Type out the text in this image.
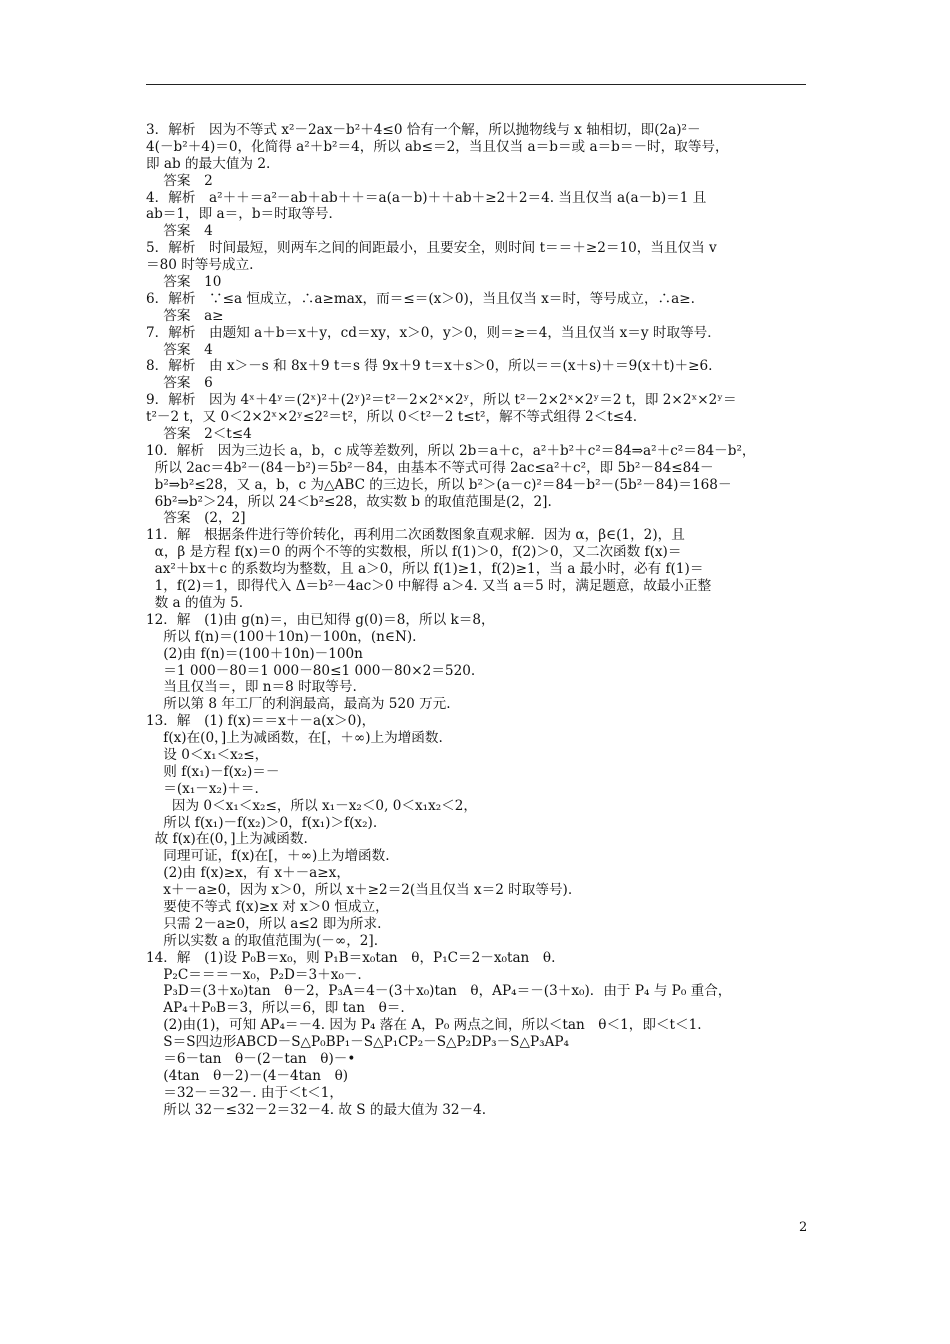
3．解析　因为不等式 x²－2ax－b²＋4≤0 恰有一个解，所以抛物线与 x 轴相切，即(2a)²－
4(－b²＋4)＝0，化简得 a²＋b²＝4，所以 ab≤＝2，当且仅当 a＝b＝或 a＝b＝－时，取等号，
即 ab 的最大值为 2.
答案　2
4．解析　a²＋＋＝a²－ab＋ab＋＋＝a(a－b)＋＋ab＋≥2＋2＝4. 当且仅当 a(a－b)＝1 且
ab＝1，即 a＝，b＝时取等号．
答案　4
5．解析　时间最短，则两车之间的间距最小，且要安全，则时间 t＝＝＋≥2＝10，当且仅当 v
＝80 时等号成立.
答案　10
6．解析　∵≤a 恒成立，∴a≥max，而＝≤＝(x＞0)，当且仅当 x＝时，等号成立，∴a≥.
答案　a≥
7．解析　由题知 a＋b＝x＋y，cd＝xy，x＞0，y＞0，则＝≥＝4，当且仅当 x＝y 时取等号．
答案　4
8．解析　由 x＞－s 和 8x＋9 t＝s 得 9x＋9 t＝x＋s＞0，所以＝＝(x＋s)＋＝9(x＋t)＋≥6.
答案　6
9．解析　因为 4ˣ＋4ʸ＝(2ˣ)²＋(2ʸ)²＝t²－2×2ˣ×2ʸ，所以 t²－2×2ˣ×2ʸ＝2 t，即 2×2ˣ×2ʸ＝
t²－2 t，又 0＜2×2ˣ×2ʸ≤2²＝t²，所以 0＜t²－2 t≤t²，解不等式组得 2＜t≤4.
答案　2＜t≤4
10．解析　因为三边长 a，b，c 成等差数列，所以 2b＝a＋c，a²＋b²＋c²＝84⇒a²＋c²＝84－b²，
所以 2ac＝4b²－(84－b²)＝5b²－84，由基本不等式可得 2ac≤a²＋c²，即 5b²－84≤84－
b²⇒b²≤28，又 a，b，c 为△ABC 的三边长，所以 b²＞(a－c)²＝84－b²－(5b²－84)＝168－
6b²⇒b²＞24，所以 24＜b²≤28，故实数 b 的取值范围是(2，2].
答案　(2，2]
11．解　根据条件进行等价转化，再利用二次函数图象直观求解．因为 α，β∈(1，2)，且
α，β 是方程 f(x)＝0 的两个不等的实数根，所以 f(1)＞0，f(2)＞0，又二次函数 f(x)＝
ax²＋bx＋c 的系数均为整数，且 a＞0，所以 f(1)≥1，f(2)≥1，当 a 最小时，必有 f(1)＝
1，f(2)＝1，即得代入 Δ＝b²－4ac＞0 中解得 a＞4. 又当 a＝5 时，满足题意，故最小正整
数 a 的值为 5.
12．解　(1)由 g(n)＝，由已知得 g(0)＝8，所以 k＝8，
所以 f(n)＝(100＋10n)－100n，(n∈N).
(2)由 f(n)＝(100＋10n)－100n
＝1 000－80＝1 000－80≤1 000－80×2＝520.
当且仅当＝，即 n＝8 时取等号.
所以第 8 年工厂的利润最高，最高为 520 万元.
13．解　(1) f(x)＝＝x＋－a(x＞0)，
f(x)在(0，]上为减函数，在[，＋∞)上为增函数.
设 0＜x₁＜x₂≤，
则 f(x₁)－f(x₂)＝－
＝(x₁－x₂)＋＝.
因为 0＜x₁＜x₂≤，所以 x₁－x₂＜0, 0＜x₁x₂＜2，
所以 f(x₁)－f(x₂)＞0，f(x₁)＞f(x₂).
故 f(x)在(0，]上为减函数.
同理可证，f(x)在[，＋∞)上为增函数.
(2)由 f(x)≥x，有 x＋－a≥x，
x＋－a≥0，因为 x＞0，所以 x＋≥2＝2(当且仅当 x＝2 时取等号).
要使不等式 f(x)≥x 对 x＞0 恒成立，
只需 2－a≥0，所以 a≤2 即为所求.
所以实数 a 的取值范围为(－∞，2].
14．解　(1)设 P₀B＝x₀，则 P₁B＝x₀tan　θ，P₁C＝2－x₀tan　θ.
P₂C＝＝＝－x₀，P₂D＝3＋x₀－.
P₃D＝(3＋x₀)tan　θ－2，P₃A＝4－(3＋x₀)tan　θ，AP₄＝－(3＋x₀)．由于 P₄ 与 P₀ 重合，
AP₄＋P₀B＝3，所以＝6，即 tan　θ＝.
(2)由(1)，可知 AP₄＝－4. 因为 P₄ 落在 A，P₀ 两点之间，所以＜tan　θ＜1，即＜t＜1.
S＝S四边形ABCD－S△P₀BP₁－S△P₁CP₂－S△P₂DP₃－S△P₃AP₄
＝6－tan　θ－(2－tan　θ)－•
(4tan　θ－2)－(4－4tan　θ)
＝32－＝32－. 由于＜t＜1，
所以 32－≤32－2＝32－4. 故 S 的最大值为 32－4.
2
